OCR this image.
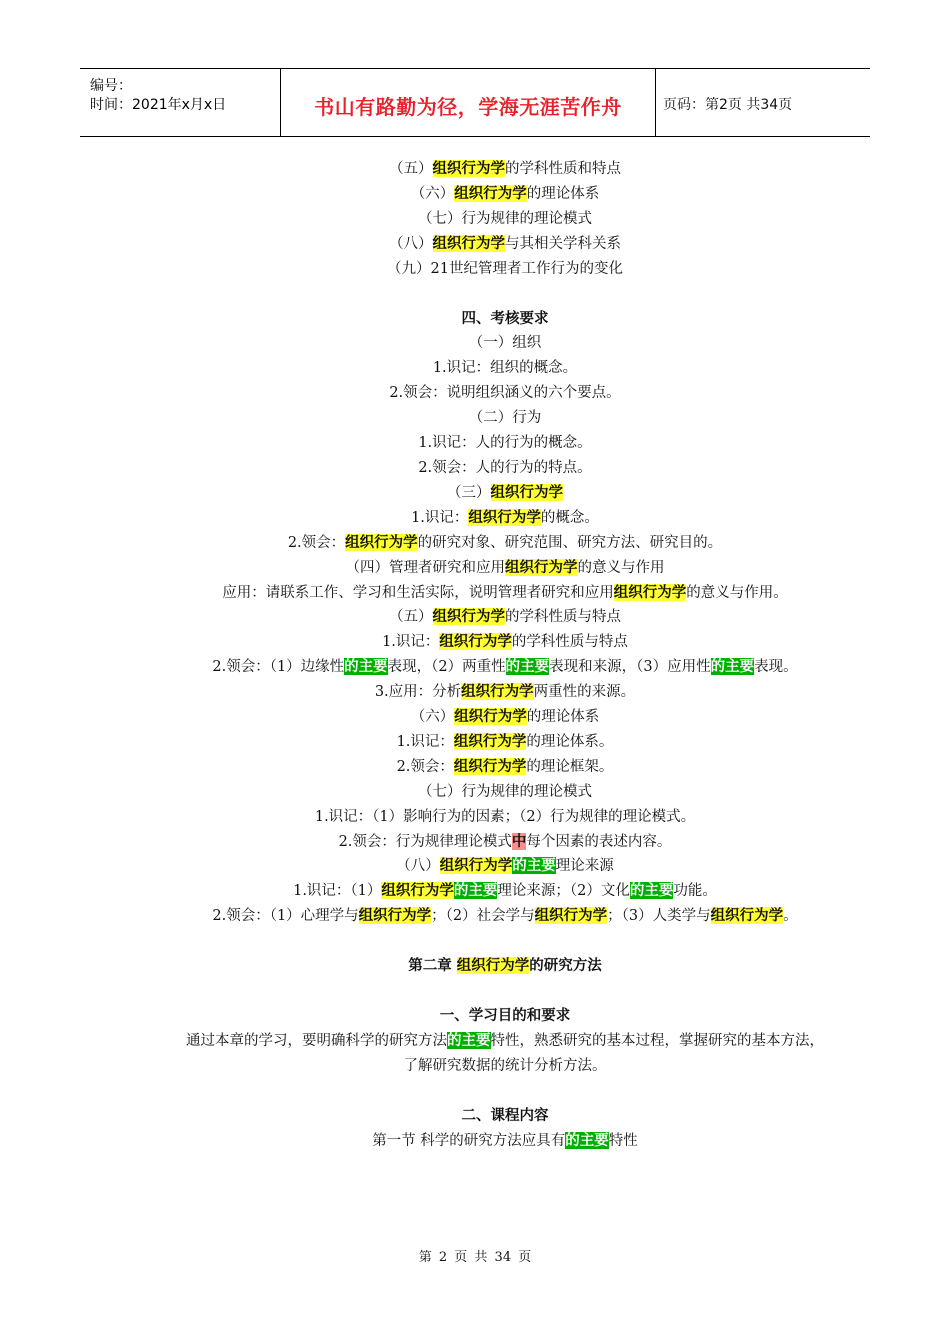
编号：
时间：2021年x月x日	书山有路勤为径，学海无涯苦作舟	页码：第2页 共34页
（五）组织行为学的学科性质和特点
（六）组织行为学的理论体系
（七）行为规律的理论模式
（八）组织行为学与其相关学科关系
（九）21世纪管理者工作行为的变化
四、考核要求
（一）组织
1.识记：组织的概念。
2.领会：说明组织涵义的六个要点。
（二）行为
1.识记：人的行为的概念。
2.领会：人的行为的特点。
（三）组织行为学
1.识记：组织行为学的概念。
2.领会：组织行为学的研究对象、研究范围、研究方法、研究目的。
（四）管理者研究和应用组织行为学的意义与作用
应用：请联系工作、学习和生活实际，说明管理者研究和应用组织行为学的意义与作用。
（五）组织行为学的学科性质与特点
1.识记：组织行为学的学科性质与特点
2.领会：（1）边缘性的主要表现，（2）两重性的主要表现和来源，（3）应用性的主要表现。
3.应用：分析组织行为学两重性的来源。
（六）组织行为学的理论体系
1.识记：组织行为学的理论体系。
2.领会：组织行为学的理论框架。
（七）行为规律的理论模式
1.识记：（1）影响行为的因素；（2）行为规律的理论模式。
2.领会：行为规律理论模式中每个因素的表述内容。
（八）组织行为学的主要理论来源
1.识记：（1）组织行为学的主要理论来源；（2）文化的主要功能。
2.领会：（1）心理学与组织行为学；（2）社会学与组织行为学；（3）人类学与组织行为学。
第二章 组织行为学的研究方法
一、学习目的和要求
通过本章的学习，要明确科学的研究方法的主要特性，熟悉研究的基本过程，掌握研究的基本方法，了解研究数据的统计分析方法。
二、课程内容
第一节 科学的研究方法应具有的主要特性
第 2 页 共 34 页
